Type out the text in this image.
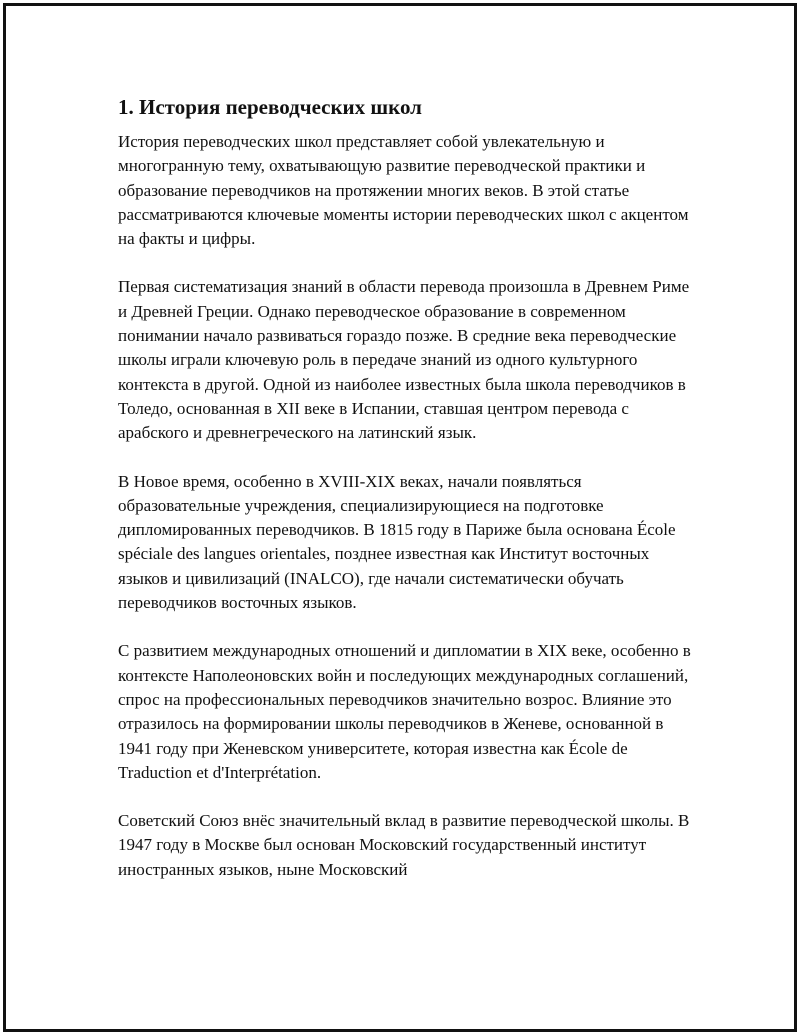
1. История переводческих школ

История переводческих школ представляет собой увлекательную и многогранную тему, охватывающую развитие переводческой практики и образование переводчиков на протяжении многих веков. В этой статье рассматриваются ключевые моменты истории переводческих школ с акцентом на факты и цифры.

Первая систематизация знаний в области перевода произошла в Древнем Риме и Древней Греции. Однако переводческое образование в современном понимании начало развиваться гораздо позже. В средние века переводческие школы играли ключевую роль в передаче знаний из одного культурного контекста в другой. Одной из наиболее известных была школа переводчиков в Толедо, основанная в XII веке в Испании, ставшая центром перевода с арабского и древнегреческого на латинский язык.

В Новое время, особенно в XVIII-XIX веках, начали появляться образовательные учреждения, специализирующиеся на подготовке дипломированных переводчиков. В 1815 году в Париже была основана École spéciale des langues orientales, позднее известная как Институт восточных языков и цивилизаций (INALCO), где начали систематически обучать переводчиков восточных языков.

С развитием международных отношений и дипломатии в XIX веке, особенно в контексте Наполеоновских войн и последующих международных соглашений, спрос на профессиональных переводчиков значительно возрос. Влияние это отразилось на формировании школы переводчиков в Женеве, основанной в 1941 году при Женевском университете, которая известна как École de Traduction et d'Interprétation.

Советский Союз внёс значительный вклад в развитие переводческой школы. В 1947 году в Москве был основан Московский государственный институт иностранных языков, ныне Московский
